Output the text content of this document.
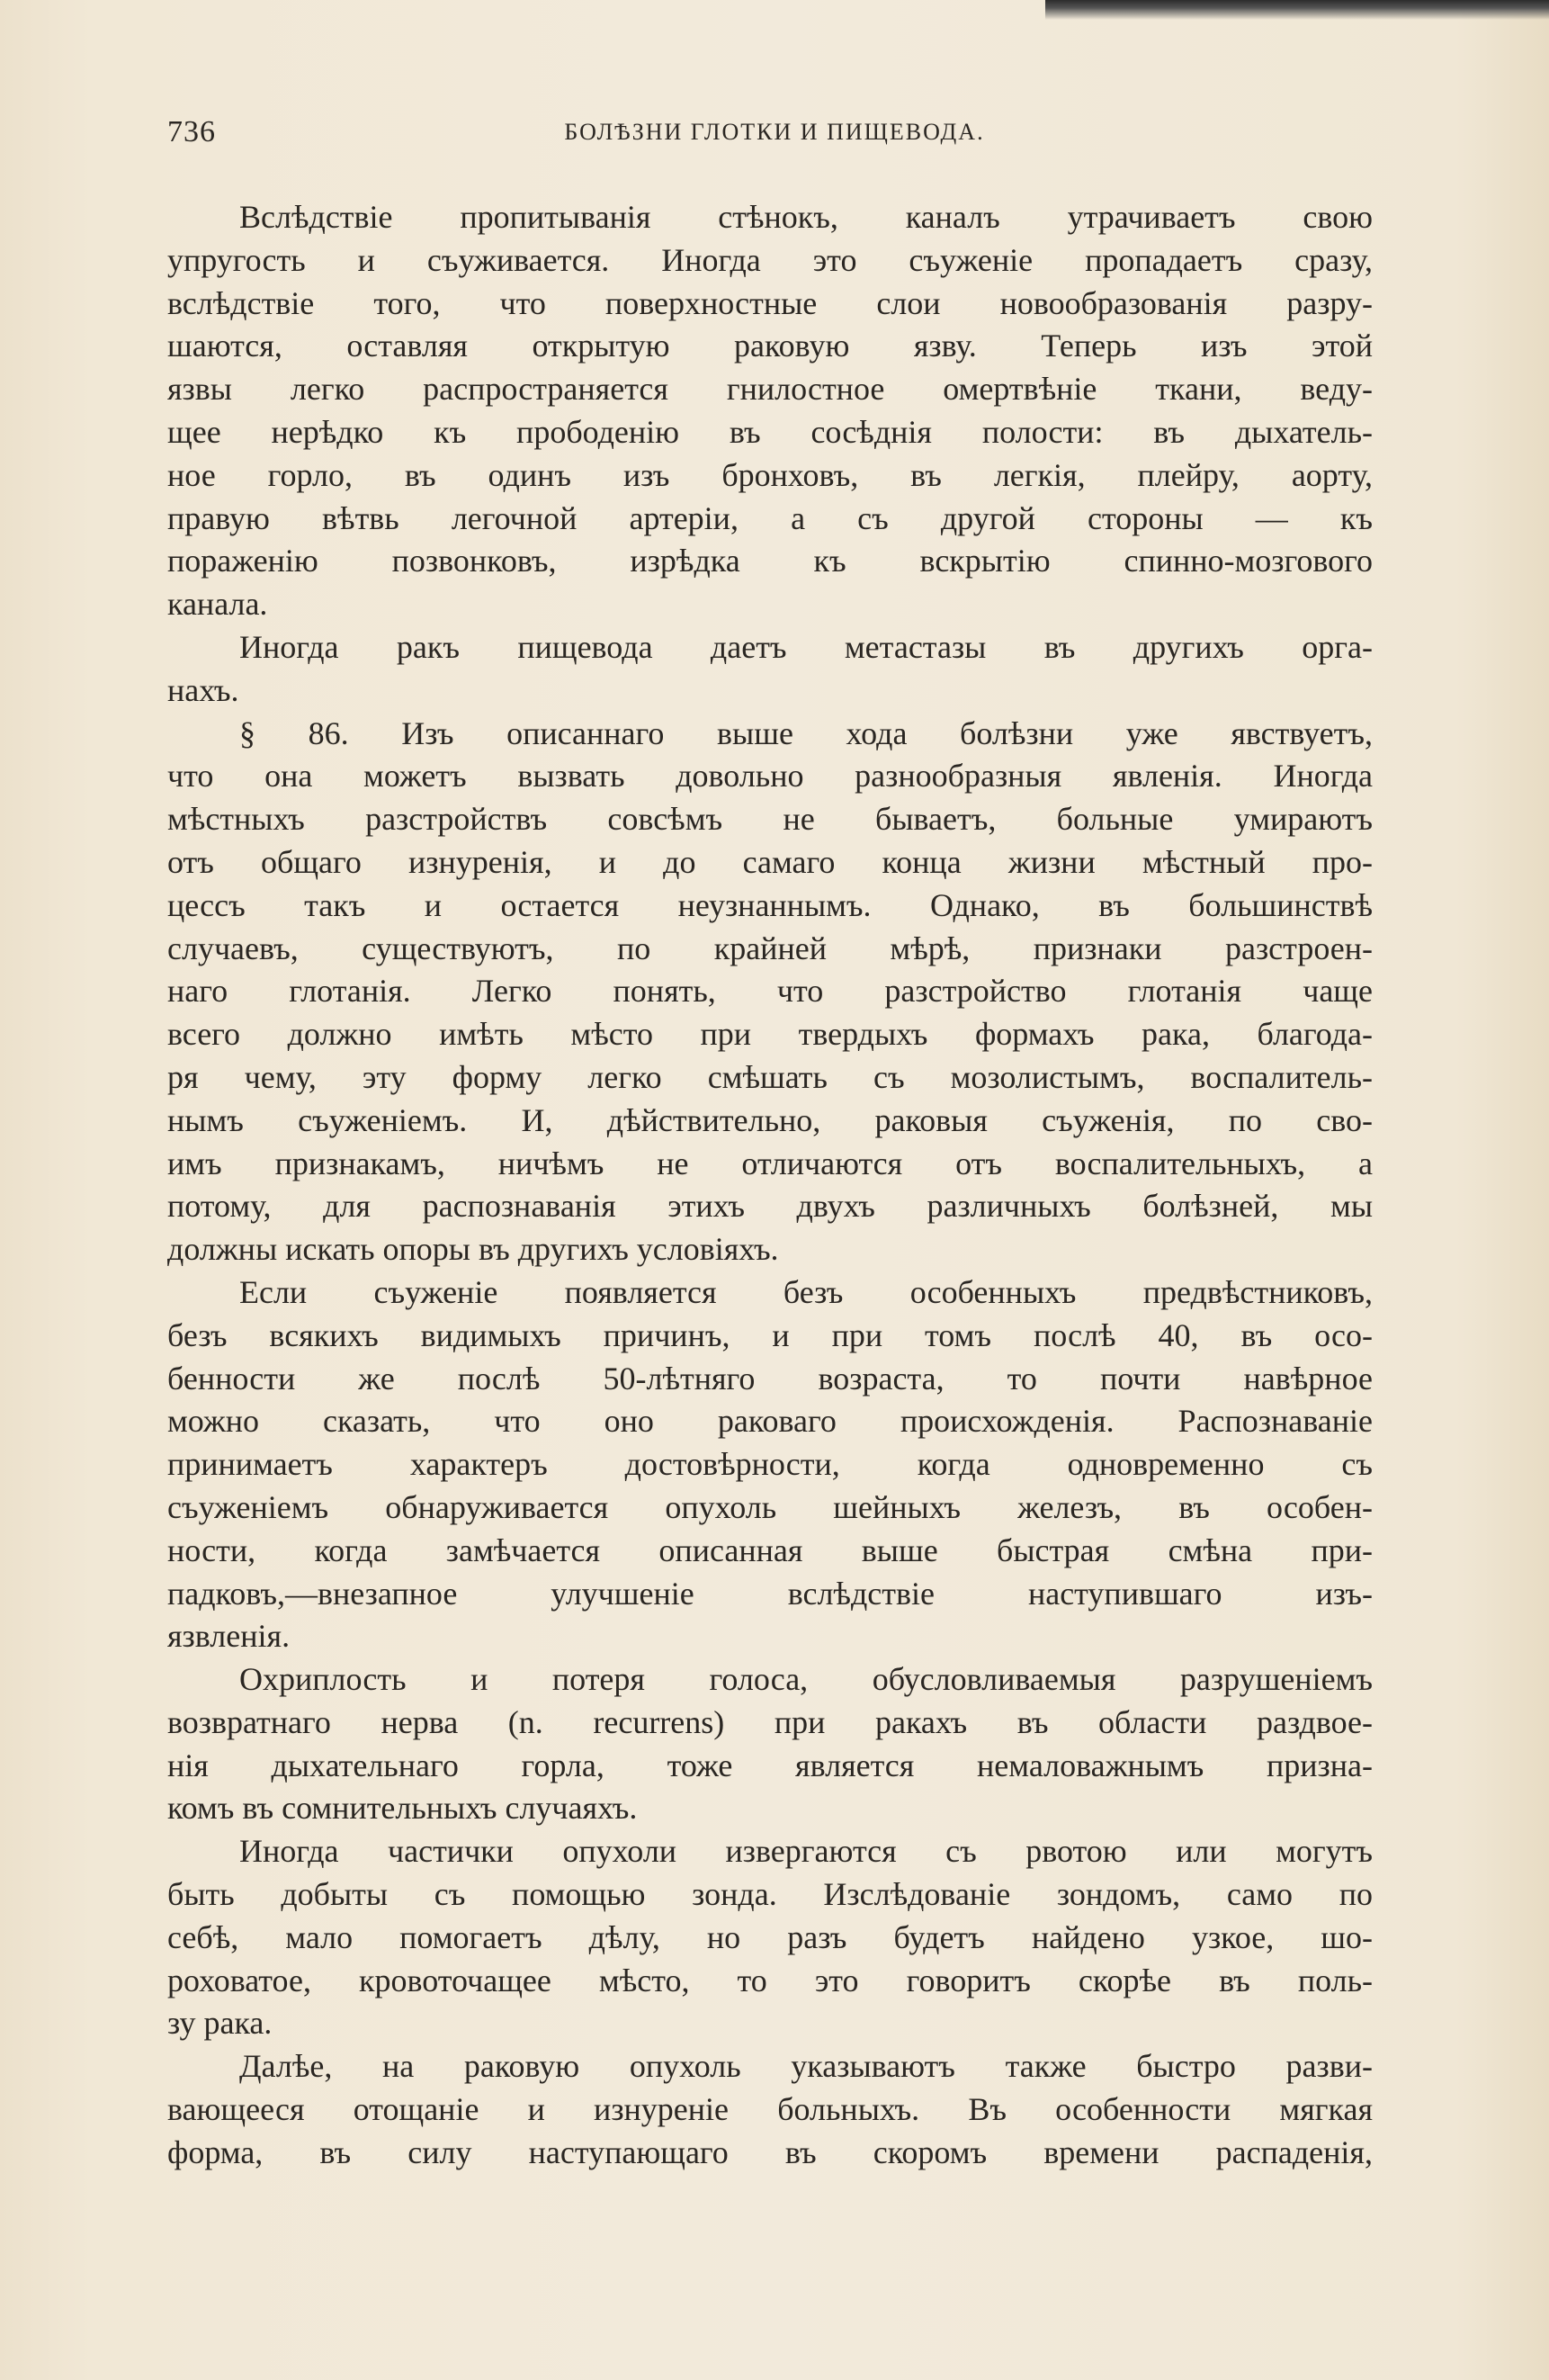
736	БОЛѢЗНИ ГЛОТКИ И ПИЩЕВОДА.
Вслѣдствіе пропитыванія стѣнокъ, каналъ утрачиваетъ свою
упругость и съуживается. Иногда это съуженіе пропадаетъ сразу,
вслѣдствіе того, что поверхностные слои новообразованія разру-
шаются, оставляя открытую раковую язву. Теперь изъ этой
язвы легко распространяется гнилостное омертвѣніе ткани, веду-
щее нерѣдко къ прободенію въ сосѣднія полости: въ дыхатель-
ное горло, въ одинъ изъ бронховъ, въ легкія, плейру, аорту,
правую вѣтвь легочной артеріи, а съ другой стороны — къ
пораженію позвонковъ, изрѣдка къ вскрытію спинно-мозгового
канала.
Иногда ракъ пищевода даетъ метастазы въ другихъ орга-
нахъ.
§ 86. Изъ описаннаго выше хода болѣзни уже явствуетъ,
что она можетъ вызвать довольно разнообразныя явленія. Иногда
мѣстныхъ разстройствъ совсѣмъ не бываетъ, больные умираютъ
отъ общаго изнуренія, и до самаго конца жизни мѣстный про-
цессъ такъ и остается неузнаннымъ. Однако, въ большинствѣ
случаевъ, существуютъ, по крайней мѣрѣ, признаки разстроен-
наго глотанія. Легко понять, что разстройство глотанія чаще
всего должно имѣть мѣсто при твердыхъ формахъ рака, благода-
ря чему, эту форму легко смѣшать съ мозолистымъ, воспалитель-
нымъ съуженіемъ. И, дѣйствительно, раковыя съуженія, по сво-
имъ признакамъ, ничѣмъ не отличаются отъ воспалительныхъ, а
потому, для распознаванія этихъ двухъ различныхъ болѣзней, мы
должны искать опоры въ другихъ условіяхъ.
Если съуженіе появляется безъ особенныхъ предвѣстниковъ,
безъ всякихъ видимыхъ причинъ, и при томъ послѣ 40, въ осо-
бенности же послѣ 50-лѣтняго возраста, то почти навѣрное
можно сказать, что оно раковаго происхожденія. Распознаваніе
принимаетъ характеръ достовѣрности, когда одновременно съ
съуженіемъ обнаруживается опухоль шейныхъ железъ, въ особен-
ности, когда замѣчается описанная выше быстрая смѣна при-
падковъ,—внезапное улучшеніе вслѣдствіе наступившаго изъ-
язвленія.
Охриплость и потеря голоса, обусловливаемыя разрушеніемъ
возвратнаго нерва (n. recurrens) при ракахъ въ области раздвое-
нія дыхательнаго горла, тоже является немаловажнымъ призна-
комъ въ сомнительныхъ случаяхъ.
Иногда частички опухоли извергаются съ рвотою или могутъ
быть добыты съ помощью зонда. Изслѣдованіе зондомъ, само по
себѣ, мало помогаетъ дѣлу, но разъ будетъ найдено узкое, шо-
роховатое, кровоточащее мѣсто, то это говоритъ скорѣе въ поль-
зу рака.
Далѣе, на раковую опухоль указываютъ также быстро разви-
вающееся отощаніе и изнуреніе больныхъ. Въ особенности мягкая
форма, въ силу наступающаго въ скоромъ времени распаденія,
